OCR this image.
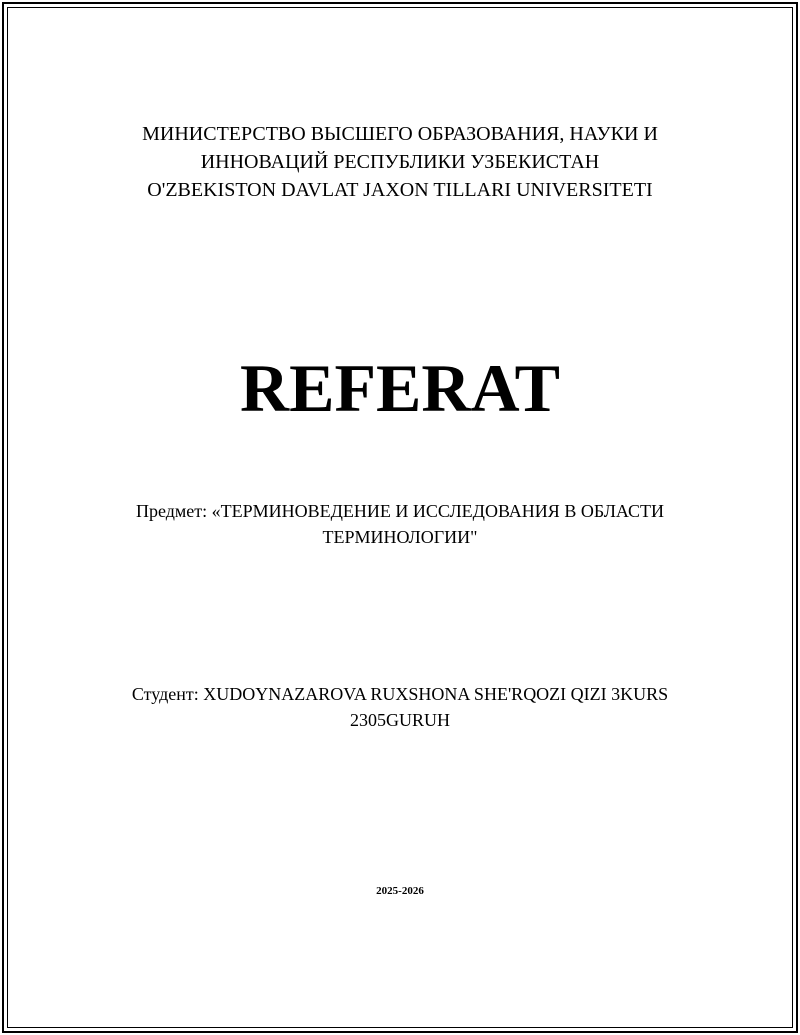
МИНИСТЕРСТВО ВЫСШЕГО ОБРАЗОВАНИЯ, НАУКИ И
ИННОВАЦИЙ РЕСПУБЛИКИ УЗБЕКИСТАН
O'ZBEKISTON DAVLAT JAXON TILLARI UNIVERSITETI
REFERAT
Предмет: «ТЕРМИНОВЕДЕНИЕ И ИССЛЕДОВАНИЯ В ОБЛАСТИ
ТЕРМИНОЛОГИИ"
Студент: XUDOYNAZAROVA RUXSHONA SHE'RQOZI QIZI 3KURS
2305GURUH
2025-2026
